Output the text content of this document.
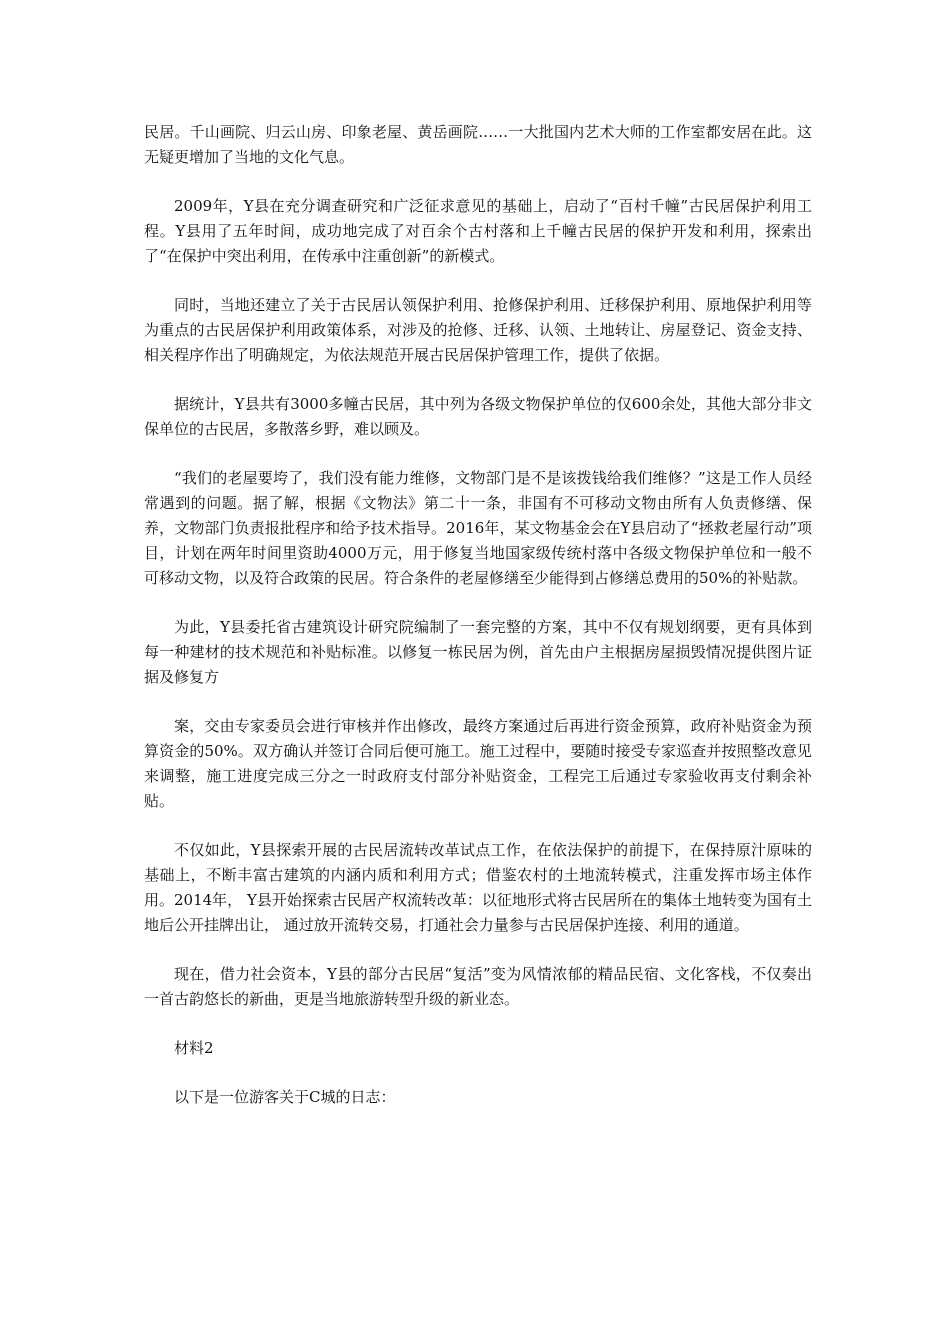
民居。千山画院、归云山房、印象老屋、黄岳画院……一大批国内艺术大师的工作室都安居在此。这无疑更增加了当地的文化气息。

2009年，Y县在充分调查研究和广泛征求意见的基础上，启动了“百村千幢”古民居保护利用工程。Y县用了五年时间，成功地完成了对百余个古村落和上千幢古民居的保护开发和利用，探索出了“在保护中突出利用，在传承中注重创新”的新模式。

同时，当地还建立了关于古民居认领保护利用、抢修保护利用、迁移保护利用、原地保护利用等为重点的古民居保护利用政策体系，对涉及的抢修、迁移、认领、土地转让、房屋登记、资金支持、相关程序作出了明确规定，为依法规范开展古民居保护管理工作，提供了依据。

据统计，Y县共有3000多幢古民居，其中列为各级文物保护单位的仅600余处，其他大部分非文保单位的古民居，多散落乡野，难以顾及。

“我们的老屋要垮了，我们没有能力维修，文物部门是不是该拨钱给我们维修？”这是工作人员经常遇到的问题。据了解，根据《文物法》第二十一条，非国有不可移动文物由所有人负责修缮、保养，文物部门负责报批程序和给予技术指导。2016年，某文物基金会在Y县启动了“拯救老屋行动”项目，计划在两年时间里资助4000万元，用于修复当地国家级传统村落中各级文物保护单位和一般不可移动文物，以及符合政策的民居。符合条件的老屋修缮至少能得到占修缮总费用的50%的补贴款。

为此，Y县委托省古建筑设计研究院编制了一套完整的方案，其中不仅有规划纲要，更有具体到每一种建材的技术规范和补贴标准。以修复一栋民居为例，首先由户主根据房屋损毁情况提供图片证据及修复方

案，交由专家委员会进行审核并作出修改，最终方案通过后再进行资金预算，政府补贴资金为预算资金的50%。双方确认并签订合同后便可施工。施工过程中，要随时接受专家巡查并按照整改意见来调整，施工进度完成三分之一时政府支付部分补贴资金，工程完工后通过专家验收再支付剩余补贴。

不仅如此，Y县探索开展的古民居流转改革试点工作，在依法保护的前提下，在保持原汁原味的基础上，不断丰富古建筑的内涵内质和利用方式；借鉴农村的土地流转模式，注重发挥市场主体作用。2014年， Y县开始探索古民居产权流转改革：以征地形式将古民居所在的集体土地转变为国有土地后公开挂牌出让， 通过放开流转交易，打通社会力量参与古民居保护连接、利用的通道。

现在，借力社会资本，Y县的部分古民居“复活”变为风情浓郁的精品民宿、文化客栈，不仅奏出一首古韵悠长的新曲，更是当地旅游转型升级的新业态。

材料2

以下是一位游客关于C城的日志：
